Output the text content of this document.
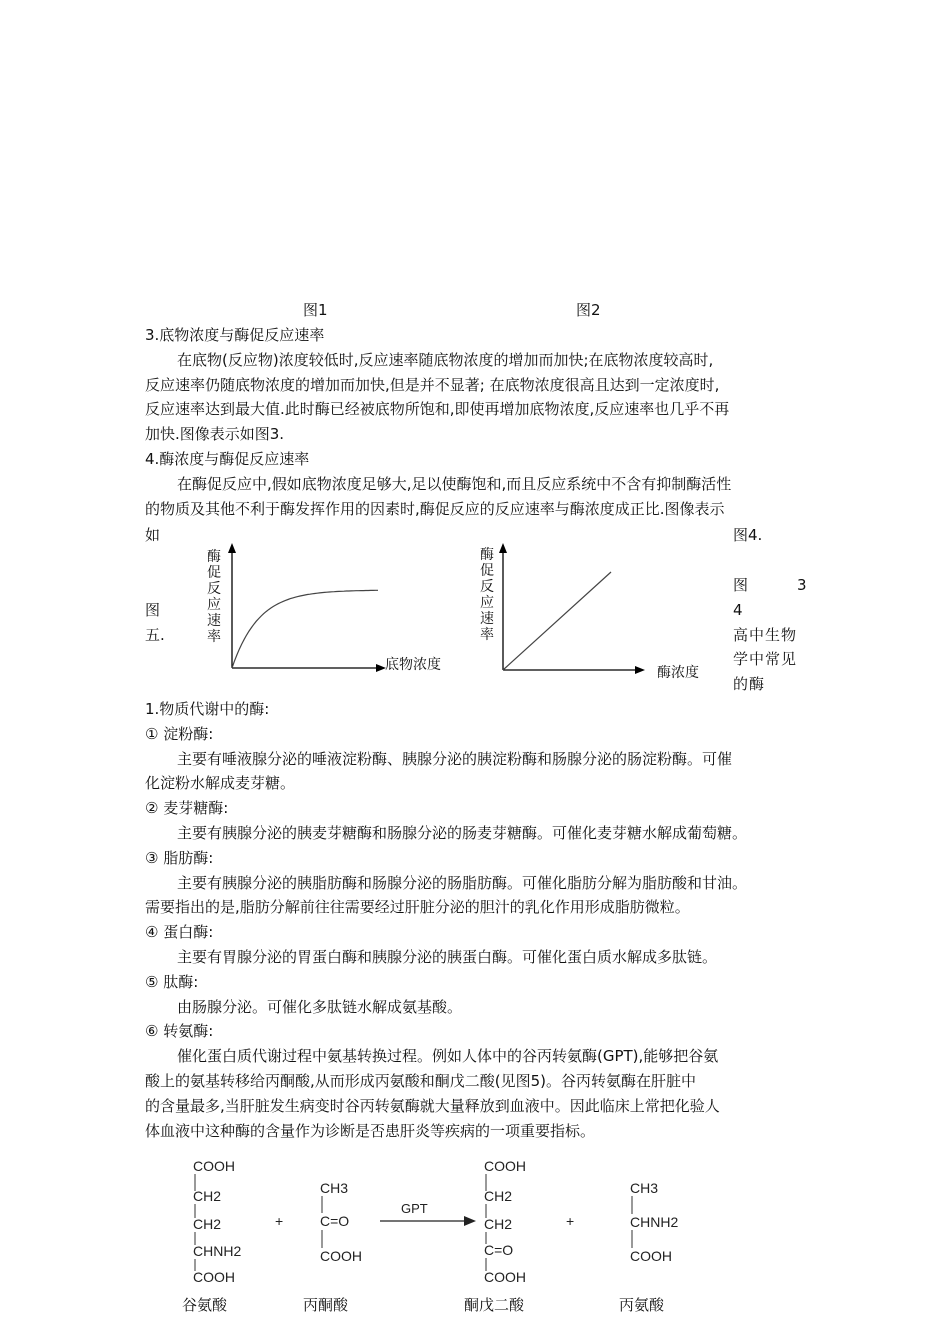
图1	图2
3.底物浓度与酶促反应速率
在底物(反应物)浓度较低时,反应速率随底物浓度的增加而加快;在底物浓度较高时,
反应速率仍随底物浓度的增加而加快,但是并不显著; 在底物浓度很高且达到一定浓度时,
反应速率达到最大值.此时酶已经被底物所饱和,即使再增加底物浓度,反应速率也几乎不再
加快.图像表示如图3.
4.酶浓度与酶促反应速率
在酶促反应中,假如底物浓度足够大,足以使酶饱和,而且反应系统中不含有抑制酶活性
的物质及其他不利于酶发挥作用的因素时,酶促反应的反应速率与酶浓度成正比.图像表示
如	图4.
图	3
4
高中生物
学中常见
的酶
图
五.
酶促反应速率
底物浓度
酶促反应速率
酶浓度
1.物质代谢中的酶:
① 淀粉酶:
主要有唾液腺分泌的唾液淀粉酶、胰腺分泌的胰淀粉酶和肠腺分泌的肠淀粉酶。可催
化淀粉水解成麦芽糖。
② 麦芽糖酶:
主要有胰腺分泌的胰麦芽糖酶和肠腺分泌的肠麦芽糖酶。可催化麦芽糖水解成葡萄糖。
③ 脂肪酶:
主要有胰腺分泌的胰脂肪酶和肠腺分泌的肠脂肪酶。可催化脂肪分解为脂肪酸和甘油。
需要指出的是,脂肪分解前往往需要经过肝脏分泌的胆汁的乳化作用形成脂肪微粒。
④ 蛋白酶:
主要有胃腺分泌的胃蛋白酶和胰腺分泌的胰蛋白酶。可催化蛋白质水解成多肽链。
⑤ 肽酶:
由肠腺分泌。可催化多肽链水解成氨基酸。
⑥ 转氨酶:
催化蛋白质代谢过程中氨基转换过程。例如人体中的谷丙转氨酶(GPT),能够把谷氨
酸上的氨基转移给丙酮酸,从而形成丙氨酸和酮戊二酸(见图5)。谷丙转氨酶在肝脏中
的含量最多,当肝脏发生病变时谷丙转氨酶就大量释放到血液中。因此临床上常把化验人
体血液中这种酶的含量作为诊断是否患肝炎等疾病的一项重要指标。
COOH
CH2
CH2
CHNH2
COOH
谷氨酸
+
CH3
C=O
COOH
丙酮酸
GPT
COOH
CH2
CH2
C=O
COOH
酮戊二酸
+
CH3
CHNH2
COOH
丙氨酸
